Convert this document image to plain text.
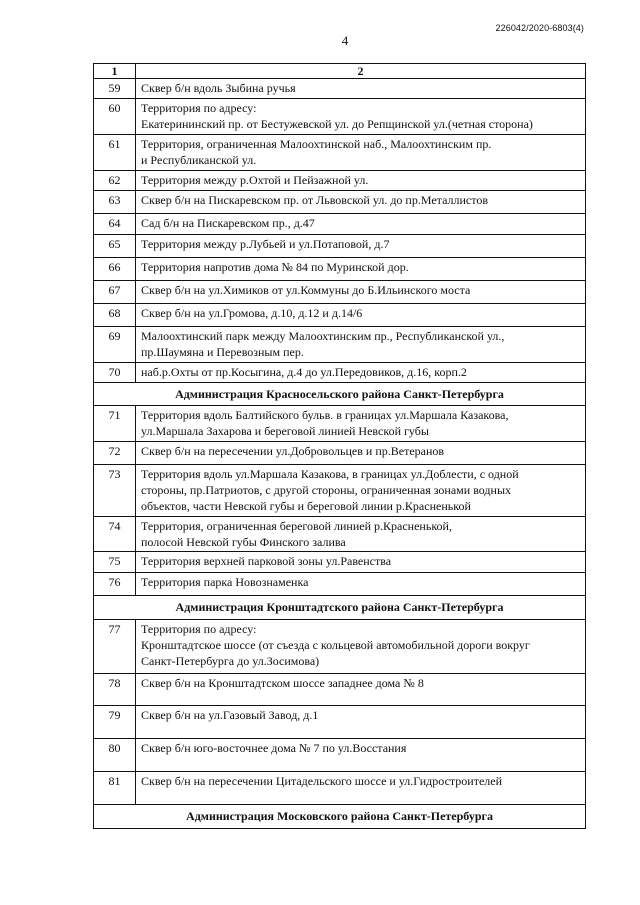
226042/2020-6803(4)
4
1	2
59	Сквер б/н вдоль Зыбина ручья
60	Территория по адресу:
Екатерининский пр. от Бестужевской ул. до Репщинской ул.(четная сторона)
61	Территория, ограниченная Малоохтинской наб., Малоохтинским пр.
и Республиканской ул.
62	Территория между р.Охтой и Пейзажной ул.
63	Сквер б/н на Пискаревском пр. от Львовской ул. до пр.Металлистов
64	Сад б/н на Пискаревском пр., д.47
65	Территория между р.Лубьей и ул.Потаповой, д.7
66	Территория напротив дома № 84 по Муринской дор.
67	Сквер б/н на ул.Химиков от ул.Коммуны до Б.Ильинского моста
68	Сквер б/н на ул.Громова, д.10, д.12 и д.14/6
69	Малоохтинский парк между Малоохтинским пр., Республиканской ул.,
пр.Шаумяна и Перевозным пер.
70	наб.р.Охты от пр.Косыгина, д.4 до ул.Передовиков, д.16, корп.2
Администрация Красносельского района Санкт-Петербурга	
71	Территория вдоль Балтийского бульв. в границах ул.Маршала Казакова,
ул.Маршала Захарова и береговой линией Невской губы
72	Сквер б/н на пересечении ул.Добровольцев и пр.Ветеранов
73	Территория вдоль ул.Маршала Казакова, в границах ул.Доблести, с одной
стороны, пр.Патриотов, с другой стороны, ограниченная зонами водных
объектов, части Невской губы и береговой линии р.Красненькой
74	Территория, ограниченная береговой линией р.Красненькой,
полосой Невской губы Финского залива
75	Территория верхней парковой зоны ул.Равенства
76	Территория парка Новознаменка
Администрация Кронштадтского района Санкт-Петербурга	
77	Территория по адресу:
Кронштадтское шоссе (от съезда с кольцевой автомобильной дороги вокруг
Санкт-Петербурга до ул.Зосимова)
78	Сквер б/н на Кронштадтском шоссе западнее дома № 8
79	Сквер б/н на ул.Газовый Завод, д.1
80	Сквер б/н юго-восточнее дома № 7 по ул.Восстания
81	Сквер б/н на пересечении Цитадельского шоссе и ул.Гидростроителей
Администрация Московского района Санкт-Петербурга	
